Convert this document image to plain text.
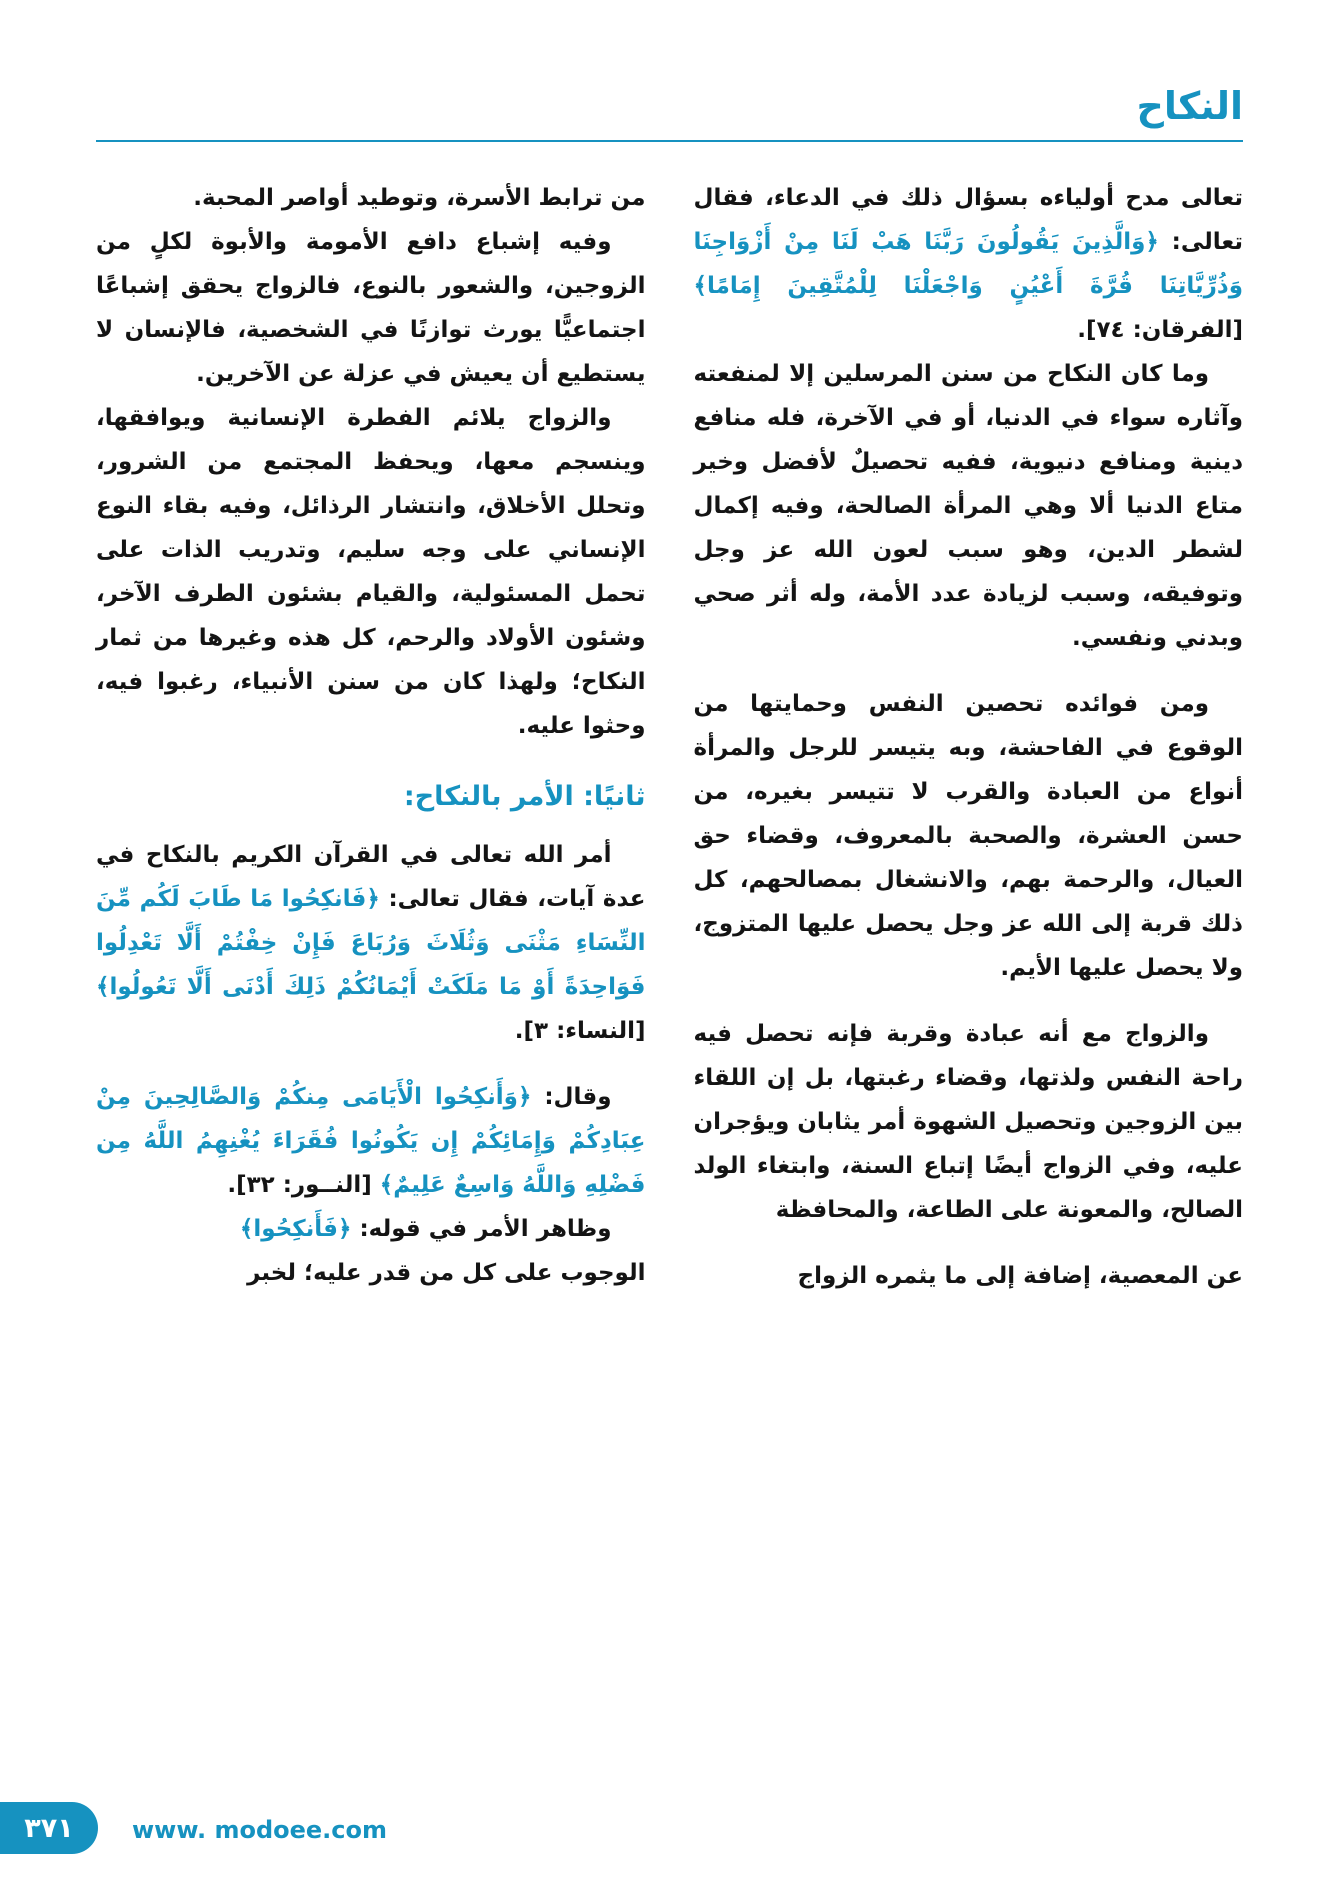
النكاح

تعالى مدح أولياءه بسؤال ذلك في الدعاء، فقال تعالى: ﴿وَالَّذِينَ يَقُولُونَ رَبَّنَا هَبْ لَنَا مِنْ أَزْوَاجِنَا وَذُرِّيَّاتِنَا قُرَّةَ أَعْيُنٍ وَاجْعَلْنَا لِلْمُتَّقِينَ إِمَامًا﴾ [الفرقان: ٧٤].

وما كان النكاح من سنن المرسلين إلا لمنفعته وآثاره سواء في الدنيا، أو في الآخرة، فله منافع دينية ومنافع دنيوية، ففيه تحصيلٌ لأفضل وخير متاع الدنيا ألا وهي المرأة الصالحة، وفيه إكمال لشطر الدين، وهو سبب لعون الله عز وجل وتوفيقه، وسبب لزيادة عدد الأمة، وله أثر صحي وبدني ونفسي.

ومن فوائده تحصين النفس وحمايتها من الوقوع في الفاحشة، وبه يتيسر للرجل والمرأة أنواع من العبادة والقرب لا تتيسر بغيره، من حسن العشرة، والصحبة بالمعروف، وقضاء حق العيال، والرحمة بهم، والانشغال بمصالحهم، كل ذلك قربة إلى الله عز وجل يحصل عليها المتزوج، ولا يحصل عليها الأيم.

والزواج مع أنه عبادة وقربة فإنه تحصل فيه راحة النفس ولذتها، وقضاء رغبتها، بل إن اللقاء بين الزوجين وتحصيل الشهوة أمر يثابان ويؤجران عليه، وفي الزواج أيضًا إتباع السنة، وابتغاء الولد الصالح، والمعونة على الطاعة، والمحافظة

عن المعصية، إضافة إلى ما يثمره الزواج

من ترابط الأسرة، وتوطيد أواصر المحبة.

وفيه إشباع دافع الأمومة والأبوة لكلٍ من الزوجين، والشعور بالنوع، فالزواج يحقق إشباعًا اجتماعيًّا يورث توازنًا في الشخصية، فالإنسان لا يستطيع أن يعيش في عزلة عن الآخرين.

والزواج يلائم الفطرة الإنسانية ويوافقها، وينسجم معها، ويحفظ المجتمع من الشرور، وتحلل الأخلاق، وانتشار الرذائل، وفيه بقاء النوع الإنساني على وجه سليم، وتدريب الذات على تحمل المسئولية، والقيام بشئون الطرف الآخر، وشئون الأولاد والرحم، كل هذه وغيرها من ثمار النكاح؛ ولهذا كان من سنن الأنبياء، رغبوا فيه، وحثوا عليه.

ثانيًا: الأمر بالنكاح:

أمر الله تعالى في القرآن الكريم بالنكاح في عدة آيات، فقال تعالى: ﴿فَانكِحُوا مَا طَابَ لَكُم مِّنَ النِّسَاءِ مَثْنَى وَثُلَاثَ وَرُبَاعَ فَإِنْ خِفْتُمْ أَلَّا تَعْدِلُوا فَوَاحِدَةً أَوْ مَا مَلَكَتْ أَيْمَانُكُمْ ذَلِكَ أَدْنَى أَلَّا تَعُولُوا﴾ [النساء: ٣].

وقال: ﴿وَأَنكِحُوا الْأَيَامَى مِنكُمْ وَالصَّالِحِينَ مِنْ عِبَادِكُمْ وَإِمَائِكُمْ إِن يَكُونُوا فُقَرَاءَ يُغْنِهِمُ اللَّهُ مِن فَضْلِهِ وَاللَّهُ وَاسِعٌ عَلِيمٌ﴾ [النــور: ٣٢].

وظاهر الأمر في قوله: ﴿فَأَنكِحُوا﴾

الوجوب على كل من قدر عليه؛ لخبر

٣٧١ www. modoee.com
